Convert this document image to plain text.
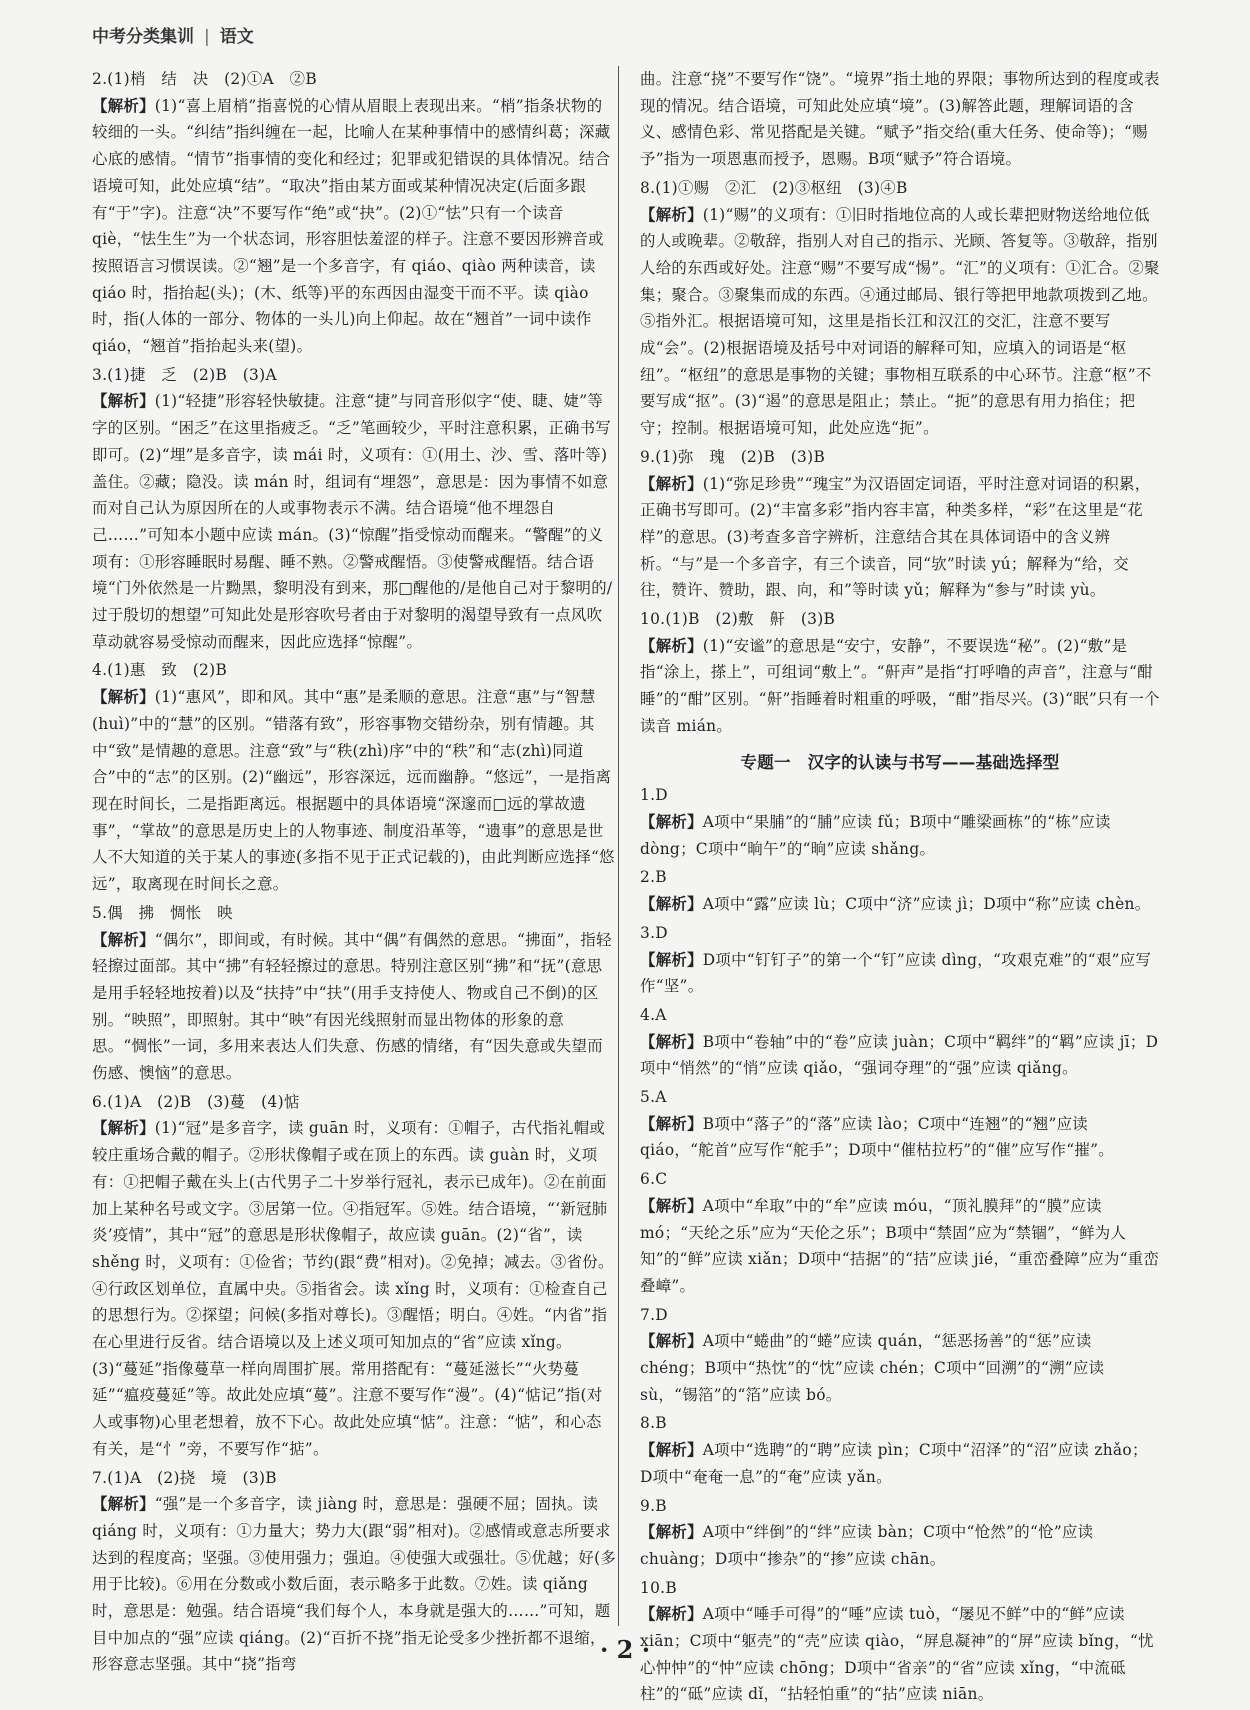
中考分类集训 | 语文

2.(1)梢　结　决　(2)①A　②B

【解析】(1)“喜上眉梢”指喜悦的心情从眉眼上表现出来。“梢”指条状物的较细的一头。“纠结”指纠缠在一起，比喻人在某种事情中的感情纠葛；深藏心底的感情。“情节”指事情的变化和经过；犯罪或犯错误的具体情况。结合语境可知，此处应填“结”。“取决”指由某方面或某种情况决定(后面多跟有“于”字)。注意“决”不要写作“绝”或“抉”。(2)①“怯”只有一个读音 qiè，“怯生生”为一个状态词，形容胆怯羞涩的样子。注意不要因形辨音或按照语言习惯误读。②“翘”是一个多音字，有 qiáo、qiào 两种读音，读 qiáo 时，指抬起(头)；(木、纸等)平的东西因由湿变干而不平。读 qiào 时，指(人体的一部分、物体的一头儿)向上仰起。故在“翘首”一词中读作 qiáo，“翘首”指抬起头来(望)。

3.(1)捷　乏　(2)B　(3)A

【解析】(1)“轻捷”形容轻快敏捷。注意“捷”与同音形似字“使、睫、婕”等字的区别。“困乏”在这里指疲乏。“乏”笔画较少，平时注意积累，正确书写即可。(2)“埋”是多音字，读 mái 时，义项有：①(用土、沙、雪、落叶等)盖住。②藏；隐没。读 mán 时，组词有“埋怨”，意思是：因为事情不如意而对自己认为原因所在的人或事物表示不满。结合语境“他不埋怨自己……”可知本小题中应读 mán。(3)“惊醒”指受惊动而醒来。“警醒”的义项有：①形容睡眠时易醒、睡不熟。②警戒醒悟。③使警戒醒悟。结合语境“门外依然是一片黝黑，黎明没有到来，那□醒他的/是他自己对于黎明的/过于殷切的想望”可知此处是形容吹号者由于对黎明的渴望导致有一点风吹草动就容易受惊动而醒来，因此应选择“惊醒”。

4.(1)惠　致　(2)B

【解析】(1)“惠风”，即和风。其中“惠”是柔顺的意思。注意“惠”与“智慧(huì)”中的“慧”的区别。“错落有致”，形容事物交错纷杂，别有情趣。其中“致”是情趣的意思。注意“致”与“秩(zhì)序”中的“秩”和“志(zhì)同道合”中的“志”的区别。(2)“幽远”，形容深远，远而幽静。“悠远”，一是指离现在时间长，二是指距离远。根据题中的具体语境“深邃而□远的掌故遗事”，“掌故”的意思是历史上的人物事迹、制度沿革等，“遗事”的意思是世人不大知道的关于某人的事迹(多指不见于正式记载的)，由此判断应选择“悠远”，取离现在时间长之意。

5.偶　拂　惆怅　映

【解析】“偶尔”，即间或，有时候。其中“偶”有偶然的意思。“拂面”，指轻轻擦过面部。其中“拂”有轻轻擦过的意思。特别注意区别“拂”和“抚”(意思是用手轻轻地按着)以及“扶持”中“扶”(用手支持使人、物或自己不倒)的区别。“映照”，即照射。其中“映”有因光线照射而显出物体的形象的意思。“惆怅”一词，多用来表达人们失意、伤感的情绪，有“因失意或失望而伤感、懊恼”的意思。

6.(1)A　(2)B　(3)蔓　(4)惦

【解析】(1)“冠”是多音字，读 guān 时，义项有：①帽子，古代指礼帽或较庄重场合戴的帽子。②形状像帽子或在顶上的东西。读 guàn 时，义项有：①把帽子戴在头上(古代男子二十岁举行冠礼，表示已成年)。②在前面加上某种名号或文字。③居第一位。④指冠军。⑤姓。结合语境，“‘新冠肺炎’疫情”，其中“冠”的意思是形状像帽子，故应读 guān。(2)“省”，读 shěng 时，义项有：①俭省；节约(跟“费”相对)。②免掉；减去。③省份。④行政区划单位，直属中央。⑤指省会。读 xǐng 时，义项有：①检查自己的思想行为。②探望；问候(多指对尊长)。③醒悟；明白。④姓。“内省”指在心里进行反省。结合语境以及上述义项可知加点的“省”应读 xǐng。(3)“蔓延”指像蔓草一样向周围扩展。常用搭配有：“蔓延滋长”“火势蔓延”“瘟疫蔓延”等。故此处应填“蔓”。注意不要写作“漫”。(4)“惦记”指(对人或事物)心里老想着，放不下心。故此处应填“惦”。注意：“惦”，和心态有关，是“忄”旁，不要写作“掂”。

7.(1)A　(2)挠　境　(3)B

【解析】“强”是一个多音字，读 jiàng 时，意思是：强硬不屈；固执。读 qiáng 时，义项有：①力量大；势力大(跟“弱”相对)。②感情或意志所要求达到的程度高；坚强。③使用强力；强迫。④使强大或强壮。⑤优越；好(多用于比较)。⑥用在分数或小数后面，表示略多于此数。⑦姓。读 qiǎng 时，意思是：勉强。结合语境“我们每个人，本身就是强大的……”可知，题目中加点的“强”应读 qiáng。(2)“百折不挠”指无论受多少挫折都不退缩，形容意志坚强。其中“挠”指弯

曲。注意“挠”不要写作“饶”。“境界”指土地的界限；事物所达到的程度或表现的情况。结合语境，可知此处应填“境”。(3)解答此题，理解词语的含义、感情色彩、常见搭配是关键。“赋予”指交给(重大任务、使命等)；“赐予”指为一项恩惠而授予，恩赐。B项“赋予”符合语境。

8.(1)①赐　②汇　(2)③枢纽　(3)④B

【解析】(1)“赐”的义项有：①旧时指地位高的人或长辈把财物送给地位低的人或晚辈。②敬辞，指别人对自己的指示、光顾、答复等。③敬辞，指别人给的东西或好处。注意“赐”不要写成“惕”。“汇”的义项有：①汇合。②聚集；聚合。③聚集而成的东西。④通过邮局、银行等把甲地款项拨到乙地。⑤指外汇。根据语境可知，这里是指长江和汉江的交汇，注意不要写成“会”。(2)根据语境及括号中对词语的解释可知，应填入的词语是“枢纽”。“枢纽”的意思是事物的关键；事物相互联系的中心环节。注意“枢”不要写成“抠”。(3)“遏”的意思是阻止；禁止。“扼”的意思有用力掐住；把守；控制。根据语境可知，此处应选“扼”。

9.(1)弥　瑰　(2)B　(3)B

【解析】(1)“弥足珍贵”“瑰宝”为汉语固定词语，平时注意对词语的积累，正确书写即可。(2)“丰富多彩”指内容丰富，种类多样，“彩”在这里是“花样”的意思。(3)考查多音字辨析，注意结合其在具体词语中的含义辨析。“与”是一个多音字，有三个读音，同“欤”时读 yú；解释为“给，交往，赞许、赞助，跟、向，和”等时读 yǔ；解释为“参与”时读 yù。

10.(1)B　(2)敷　鼾　(3)B

【解析】(1)“安谧”的意思是“安宁，安静”，不要误选“秘”。(2)“敷”是指“涂上，搽上”，可组词“敷上”。“鼾声”是指“打呼噜的声音”，注意与“酣睡”的“酣”区别。“鼾”指睡着时粗重的呼吸，“酣”指尽兴。(3)“眠”只有一个读音 mián。

专题一　汉字的认读与书写——基础选择型

1.D

【解析】A项中“果脯”的“脯”应读 fǔ；B项中“雕梁画栋”的“栋”应读 dòng；C项中“晌午”的“晌”应读 shǎng。

2.B

【解析】A项中“露”应读 lù；C项中“济”应读 jì；D项中“称”应读 chèn。

3.D

【解析】D项中“钉钉子”的第一个“钉”应读 dìng，“攻艰克难”的“艰”应写作“坚”。

4.A

【解析】B项中“卷轴”中的“卷”应读 juàn；C项中“羁绊”的“羁”应读 jī；D项中“悄然”的“悄”应读 qiǎo，“强词夺理”的“强”应读 qiǎng。

5.A

【解析】B项中“落子”的“落”应读 lào；C项中“连翘”的“翘”应读 qiáo，“舵首”应写作“舵手”；D项中“催枯拉朽”的“催”应写作“摧”。

6.C

【解析】A项中“牟取”中的“牟”应读 móu，“顶礼膜拜”的“膜”应读 mó；“天纶之乐”应为“天伦之乐”；B项中“禁固”应为“禁锢”，“鲜为人知”的“鲜”应读 xiǎn；D项中“拮据”的“拮”应读 jié，“重峦叠障”应为“重峦叠嶂”。

7.D

【解析】A项中“蜷曲”的“蜷”应读 quán，“惩恶扬善”的“惩”应读 chéng；B项中“热忱”的“忱”应读 chén；C项中“回溯”的“溯”应读 sù，“锡箔”的“箔”应读 bó。

8.B

【解析】A项中“选聘”的“聘”应读 pìn；C项中“沼泽”的“沼”应读 zhǎo；D项中“奄奄一息”的“奄”应读 yǎn。

9.B

【解析】A项中“绊倒”的“绊”应读 bàn；C项中“怆然”的“怆”应读 chuàng；D项中“掺杂”的“掺”应读 chān。

10.B

【解析】A项中“唾手可得”的“唾”应读 tuò，“屡见不鲜”中的“鲜”应读 xiān；C项中“躯壳”的“壳”应读 qiào，“屏息凝神”的“屏”应读 bǐng，“忧心忡忡”的“忡”应读 chōng；D项中“省亲”的“省”应读 xǐng，“中流砥柱”的“砥”应读 dǐ，“拈轻怕重”的“拈”应读 niān。

· 2 ·
